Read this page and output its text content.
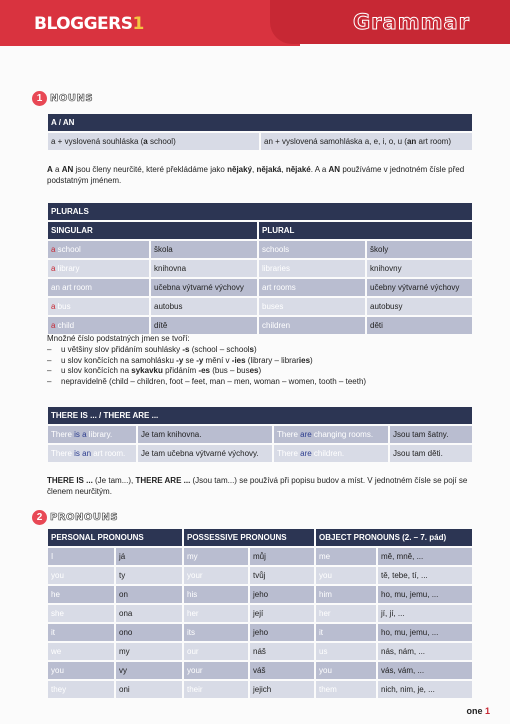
BLOGGERS1	Grammar
1 NOUNS
A / AN
a + vyslovená souhláska (a school)	an + vyslovená samohláska a, e, i, o, u (an art room)
A a AN jsou členy neurčité, které překládáme jako nějaký, nějaká, nějaké. A a AN používáme v jednotném čísle před podstatným jménem.
PLURALS			
SINGULAR		PLURAL	
a school	škola	schools	školy
a library	knihovna	libraries	knihovny
an art room	učebna výtvarné výchovy	art rooms	učebny výtvarné výchovy
a bus	autobus	buses	autobusy
a child	dítě	children	děti
Množné číslo podstatných jmen se tvoří:
– u většiny slov přidáním souhlásky -s (school – schools)
– u slov končících na samohlásku -y se -y mění v -ies (library – libraries)
– u slov končících na sykavku přidáním -es (bus – buses)
– nepravidelně (child – children, foot – feet, man – men, woman – women, tooth – teeth)
THERE IS ... / THERE ARE ...			
There is a library.	Je tam knihovna.	There are changing rooms.	Jsou tam šatny.
There is an art room.	Je tam učebna výtvarné výchovy.	There are children.	Jsou tam děti.
THERE IS ... (Je tam...), THERE ARE ... (Jsou tam...) se používá při popisu budov a míst. V jednotném čísle se pojí se členem neurčitým.
2 PRONOUNS
PERSONAL PRONOUNS		POSSESSIVE PRONOUNS		OBJECT PRONOUNS (2. – 7. pád)	
I	já	my	můj	me	mě, mně, ...
you	ty	your	tvůj	you	tě, tebe, tí, ...
he	on	his	jeho	him	ho, mu, jemu, ...
she	ona	her	její	her	jí, jí, ...
it	ono	its	jeho	it	ho, mu, jemu, ...
we	my	our	náš	us	nás, nám, ...
you	vy	your	váš	you	vás, vám, ...
they	oni	their	jejich	them	nich, nim, je, ...
one 1
